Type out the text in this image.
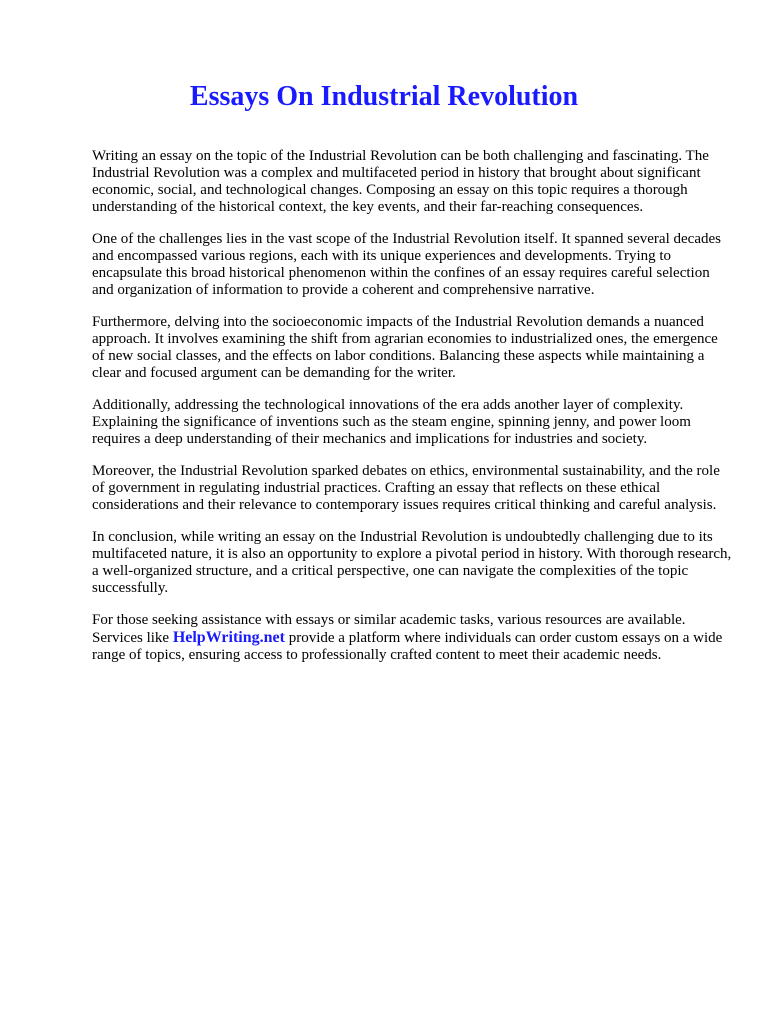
Essays On Industrial Revolution

Writing an essay on the topic of the Industrial Revolution can be both challenging and fascinating. The Industrial Revolution was a complex and multifaceted period in history that brought about significant economic, social, and technological changes. Composing an essay on this topic requires a thorough understanding of the historical context, the key events, and their far-reaching consequences.

One of the challenges lies in the vast scope of the Industrial Revolution itself. It spanned several decades and encompassed various regions, each with its unique experiences and developments. Trying to encapsulate this broad historical phenomenon within the confines of an essay requires careful selection and organization of information to provide a coherent and comprehensive narrative.

Furthermore, delving into the socioeconomic impacts of the Industrial Revolution demands a nuanced approach. It involves examining the shift from agrarian economies to industrialized ones, the emergence of new social classes, and the effects on labor conditions. Balancing these aspects while maintaining a clear and focused argument can be demanding for the writer.

Additionally, addressing the technological innovations of the era adds another layer of complexity. Explaining the significance of inventions such as the steam engine, spinning jenny, and power loom requires a deep understanding of their mechanics and implications for industries and society.

Moreover, the Industrial Revolution sparked debates on ethics, environmental sustainability, and the role of government in regulating industrial practices. Crafting an essay that reflects on these ethical considerations and their relevance to contemporary issues requires critical thinking and careful analysis.

In conclusion, while writing an essay on the Industrial Revolution is undoubtedly challenging due to its multifaceted nature, it is also an opportunity to explore a pivotal period in history. With thorough research, a well-organized structure, and a critical perspective, one can navigate the complexities of the topic successfully.

For those seeking assistance with essays or similar academic tasks, various resources are available. Services like HelpWriting.net provide a platform where individuals can order custom essays on a wide range of topics, ensuring access to professionally crafted content to meet their academic needs.
